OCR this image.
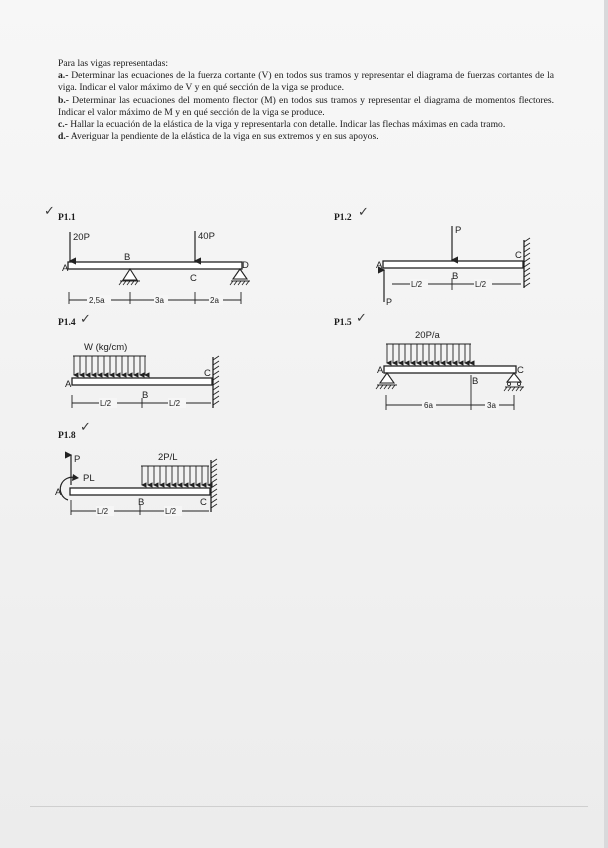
Para las vigas representadas:

a.- Determinar las ecuaciones de la fuerza cortante (V) en todos sus tramos y representar el diagrama de fuerzas cortantes de la viga. Indicar el valor máximo de V y en qué sección de la viga se produce.

b.- Determinar las ecuaciones del momento flector (M) en todos sus tramos y representar el diagrama de momentos flectores. Indicar el valor máximo de M y en qué sección de la viga se produce.

c.- Hallar la ecuación de la elástica de la viga y representarla con detalle. Indicar las flechas máximas en cada tramo.

d.- Averiguar la pendiente de la elástica de la viga en sus extremos y en sus apoyos.

✓ P1.1	P1.2 ✓
P1.4 ✓	P1.5 ✓
P1.8
✓
20P	40P
A
B
C
D
2,5a	3a	2a
P
P
A
B
C
L/2	L/2
W (kg/cm)
A
B
C
L/2	L/2
20P/a
A
B
C
6a	3a
P
PL
2P/L
A
B	C
L/2	L/2
